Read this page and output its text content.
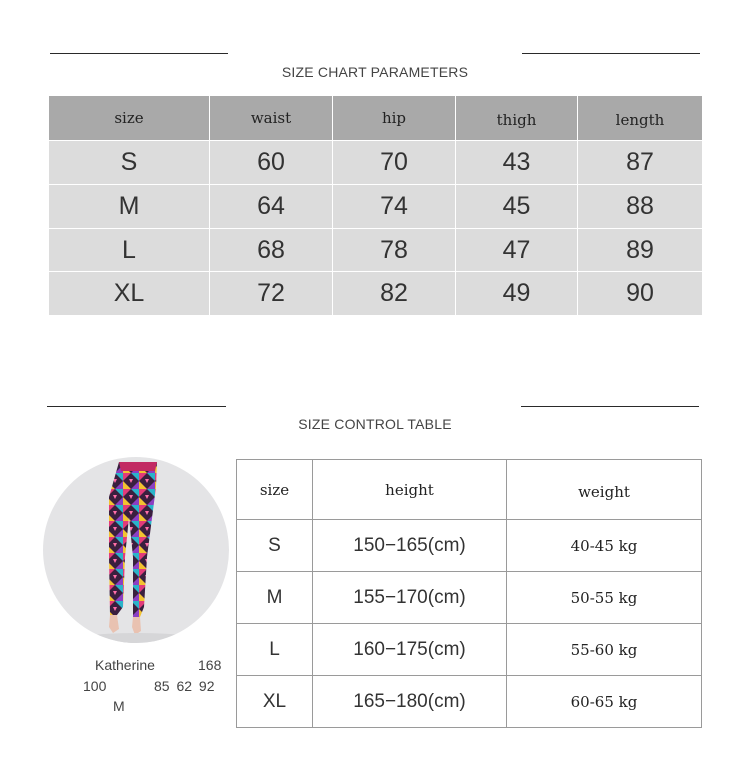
SIZE CHART PARAMETERS
size	waist	hip	thigh	length
S	60	70	43	87
M	64	74	45	88
L	68	78	47	89
XL	72	82	49	90
SIZE CONTROL TABLE
Katherine	168
100	85 62 92
M
size	height	weight
S	150−165(cm)	40-45 kg
M	155−170(cm)	50-55 kg
L	160−175(cm)	55-60 kg
XL	165−180(cm)	60-65 kg
